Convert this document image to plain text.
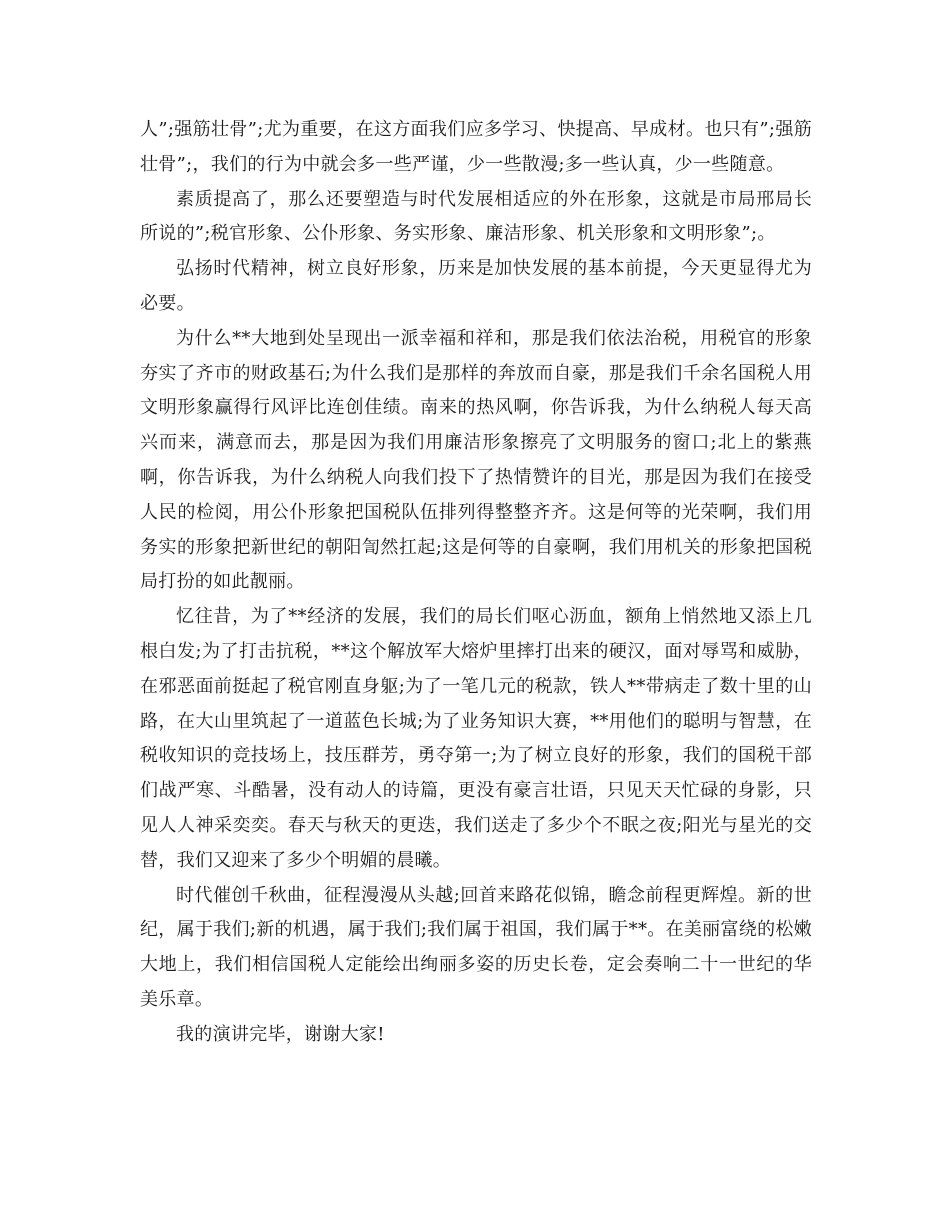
人”;强筋壮骨”;尤为重要，在这方面我们应多学习、快提高、早成材。也只有”;强筋壮骨”;，我们的行为中就会多一些严谨，少一些散漫;多一些认真，少一些随意。

素质提高了，那么还要塑造与时代发展相适应的外在形象，这就是市局邢局长所说的”;税官形象、公仆形象、务实形象、廉洁形象、机关形象和文明形象”;。

弘扬时代精神，树立良好形象，历来是加快发展的基本前提，今天更显得尤为必要。

为什么**大地到处呈现出一派幸福和祥和，那是我们依法治税，用税官的形象夯实了齐市的财政基石;为什么我们是那样的奔放而自豪，那是我们千余名国税人用文明形象赢得行风评比连创佳绩。南来的热风啊，你告诉我，为什么纳税人每天高兴而来，满意而去，那是因为我们用廉洁形象擦亮了文明服务的窗口;北上的紫燕啊，你告诉我，为什么纳税人向我们投下了热情赞许的目光，那是因为我们在接受人民的检阅，用公仆形象把国税队伍排列得整整齐齐。这是何等的光荣啊，我们用务实的形象把新世纪的朝阳訇然扛起;这是何等的自豪啊，我们用机关的形象把国税局打扮的如此靓丽。

忆往昔，为了**经济的发展，我们的局长们呕心沥血，额角上悄然地又添上几根白发;为了打击抗税，**这个解放军大熔炉里摔打出来的硬汉，面对辱骂和威胁，在邪恶面前挺起了税官刚直身躯;为了一笔几元的税款，铁人**带病走了数十里的山路，在大山里筑起了一道蓝色长城;为了业务知识大赛，**用他们的聪明与智慧，在税收知识的竞技场上，技压群芳，勇夺第一;为了树立良好的形象，我们的国税干部们战严寒、斗酷暑，没有动人的诗篇，更没有豪言壮语，只见天天忙碌的身影，只见人人神采奕奕。春天与秋天的更迭，我们送走了多少个不眠之夜;阳光与星光的交替，我们又迎来了多少个明媚的晨曦。

时代催创千秋曲，征程漫漫从头越;回首来路花似锦，瞻念前程更辉煌。新的世纪，属于我们;新的机遇，属于我们;我们属于祖国，我们属于**。在美丽富绕的松嫩大地上，我们相信国税人定能绘出绚丽多姿的历史长卷，定会奏响二十一世纪的华美乐章。

我的演讲完毕，谢谢大家!
